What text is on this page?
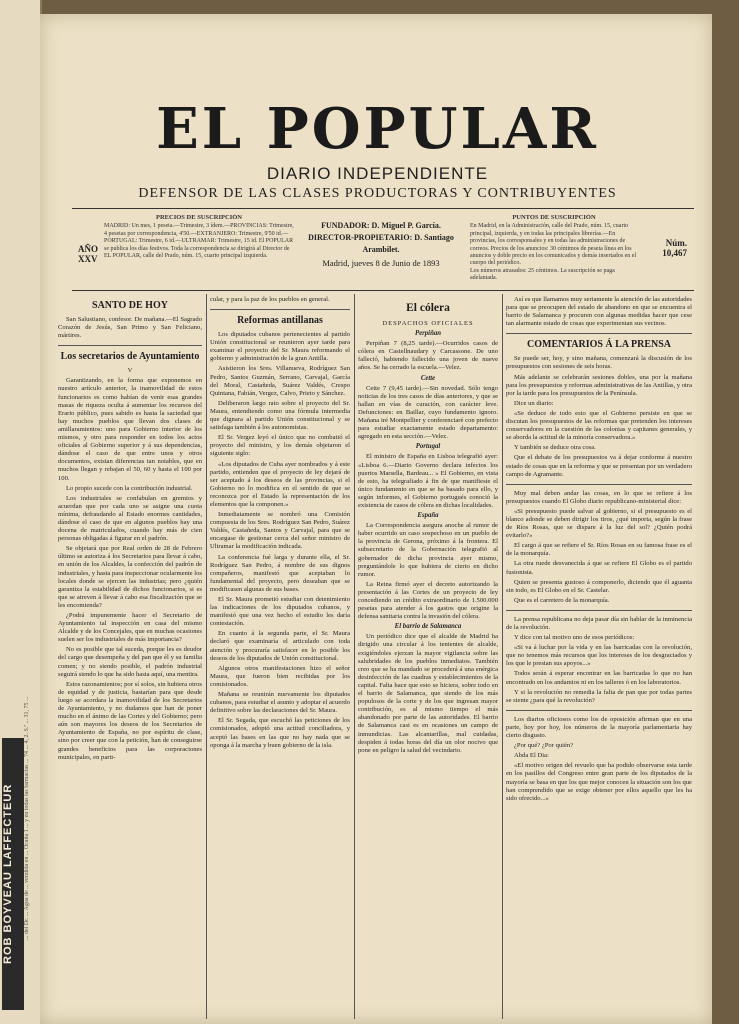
ROB BOYVEAU LAFFECTEUR	... del Dr. ... Agua de ... vendida en ... Ocaña 1 ... y en todas las farmacias ... 74 ... 4, 2. S.ª ... 31, 75 ...
EL POPULAR
DIARIO INDEPENDIENTE
DEFENSOR DE LAS CLASES PRODUCTORAS Y CONTRIBUYENTES
AÑO XXV
PRECIOS DE SUSCRIPCIÓN
MADRID: Un mes, 1 peseta.—Trimestre, 3 ídem.—PROVINCIAS: Trimestre, 4 pesetas por correspondencia, 4'50.—EXTRANJERO: Trimestre, 9'50 id.—PORTUGAL: Trimestre, 6 id.—ULTRAMAR: Trimestre, 15 id. El POPULAR se publica los días festivos. Toda la correspondencia se dirigirá al Director de EL POPULAR, calle del Prado, núm. 15, cuarto principal izquierda.
FUNDADOR: D. Miguel P. García.
DIRECTOR-PROPIETARIO: D. Santiago Arambilet.
Madrid, jueves 8 de Junio de 1893
PUNTOS DE SUSCRIPCIÓN
En Madrid, en la Administración, calle del Prado, núm. 15, cuarto principal, izquierda, y en todas las principales librerías.—En provincias, los corresponsales y en todas las administraciones de correos. Precios de los anuncios: 30 céntimos de peseta línea en los anuncios y doble precio en los comunicados y demás insertados en el cuerpo del periódico.
Los números atrasados: 25 céntimos. La suscripción se paga adelantada.
Núm. 10,467
SANTO DE HOY

San Salustiano, confesor. De mañana.—El Sagrado Corazón de Jesús, San Primo y San Feliciano, mártires.

Los secretarios de Ayuntamiento
V

Garantizando, en la forma que exponemos en nuestro artículo anterior, la inamovilidad de estos funcionarios es como habían de venir esas grandes masas de riqueza oculta á aumentar los recursos del Erario público, pues sabido es hasta la saciedad que hay muchos pueblos que llevan dos clases de amillaramientos: uno para Gobierno interior de los mismos, y otro para responder en todos los actos oficiales al Gobierno superior y á sus dependencias, dándose el caso de que entre unos y otros documentos, existan diferencias tan notables, que en muchos llegan y rebajan el 50, 60 y hasta el 100 por 100.

Lo propio sucede con la contribución industrial.

Los industriales se confabulan en gremios y acuerdan que por cada uno se asigne una cuota mínima, defraudando al Estado enormes cantidades, dándose el caso de que en algunos pueblos hay una docena de matriculados, cuando hay más de cien personas obligadas á figurar en el padrón.

Se objetará que por Real orden de 28 de Febrero último se autoriza á los Secretarios para llevar á cabo, en unión de los Alcaldes, la confección del padrón de industriales, y hasta para inspeccionar ocularmente los locales donde se ejercen las industrias; pero ¿quién garantiza la estabilidad de dichos funcionarios, si es que se atreven á llevar á cabo esa fiscalización que se les encomienda?

¿Podrá impunemente hacer el Secretario de Ayuntamiento tal inspección en casa del mismo Alcalde y de los Concejales, que en muchas ocasiones suelen ser los industriales de más importancia?

No es posible que tal suceda, porque les es deudor del cargo que desempeña y del pan que él y su familia comen; y no siendo posible, el padrón industrial seguirá siendo lo que ha sido hasta aquí, una mentira.

Estos razonamientos; por sí solos, sin hubiera otros de equidad y de justicia, bastarían para que desde luego se acordara la inamovilidad de los Secretarios de Ayuntamiento, y no dudamos que han de poner mucho en el ánimo de las Cortes y del Gobierno; pero aún son mayores los deseos de los Secretarios de Ayuntamiento de España, no por espíritu de clase, sino por creer que con la petición, han de conseguirse grandes beneficios para las corporaciones municipales, en parti-

cular, y para la paz de los pueblos en general.

Reformas antillanas

Los diputados cubanos pertenecientes al partido Unión constitucional se reunieron ayer tarde para examinar el proyecto del Sr. Maura reformando el gobierno y administración de la gran Antilla.

Asistieron los Sres. Villanueva, Rodríguez San Pedro, Santos Guzmán, Serrano, Carvajal, García del Moral, Castañeda, Suárez Valdés, Crespo Quintana, Fabián, Vergez, Calvo, Prieto y Sánchez.

Deliberaron largo rato sobre el proyecto del Sr. Maura, entendiendo como una fórmula intermedia que dignara al partido Unión constitucional y se satisfaga también á los autonomistas.

El Sr. Vergez leyó el único que no combatió el proyecto del ministro, y los demás objetaron el siguiente siglo:

«Los diputados de Cuba ayer nombrados y á este partido, entienden que el proyecto de ley dejará de ser aceptado á los deseos de las provincias, si el Gobierno no lo modifica en el sentido de que se reconozca por el Estado la representación de los elementos que la componen.»

Inmediatamente se nombró una Comisión compuesta de los Sres. Rodríguez San Pedro, Suárez Valdés, Castañeda, Santos y Carvajal, para que se encargase de gestionar cerca del señor ministro de Ultramar la modificación indicada.

La conferencia fué larga y durante ella, el Sr. Rodríguez San Pedro, á nombre de sus dignos compañeros, manifestó que aceptaban lo fundamental del proyecto, pero deseaban que se modificasen algunas de sus bases.

El Sr. Maura prometió estudiar con detenimiento las indicaciones de los diputados cubanos, y manifestó que una vez hecho el estudio les daría contestación.

En cuanto á la segunda parte, el Sr. Maura declaró que examinaría el articulado con toda atención y procuraría satisfacer en lo posible los deseos de los diputados de Unión constitucional.

Algunos otros manifestaciones hizo el señor Maura, que fueron bien recibidas por los comisionados.

Mañana se reunirán nuevamente los diputados cubanos, para estudiar el asunto y adoptar el acuerdo definitivo sobre las declaraciones del Sr. Maura.

El Sr. Segada, que escuchó las peticiones de los comisionados, adoptó una actitud conciliadora, y aceptó las bases en las que no hay nada que se oponga á la marcha y buen gobierno de la isla.

El cólera
DESPACHOS OFICIALES
Perpiñan

Perpiñan 7 (8,25 tarde).—Ocurridos casos de cólera en Castellnaudary y Carcassone. De uno falleció, habiendo fallecido una joven de nueve años. Se ha cerrado la escuela.—Velez.

Cette

Cette 7 (9,45 tarde).—Sin novedad. Sólo tengo noticias de los tres casos de días anteriores, y que se hallan en vías de curación, con carácter leve. Defunciones: en Baillar, cuyo fundamento ignoro. Mañana iré Montpellier y conferenciaré con prefecto para estudiar exactamente estado departamento: agregado en esta sección.—Velez.

Portugal

El ministro de España en Lisboa telegrafió ayer: «Lisboa 6.—Diario Governo declara infectos los puertos Marsella, Bardeau... » El Gobierno, en vista de esto, ha telegrafiado á fin de que manifieste el único fundamento en que se ha basado para ello, y según informes, el Gobierno portugués conoció la existencia de casos de cólera en dichas localidades.

España

La Correspondencia asegura anoche al rumor de haber ocurrido un caso sospechoso en un pueblo de la provincia de Gerona, próximo á la frontera. El subsecretario de la Gobernación telegrafió al gobernador de dicha provincia ayer mismo, preguntándole lo que hubiera de cierto en dicho rumor.

La Reina firmó ayer el decreto autorizando la presentación á las Cortes de un proyecto de ley concediendo un crédito extraordinario de 1.500.000 pesetas para atender á los gastos que origine la defensa sanitaria contra la invasión del cólera.

El barrio de Salamanca

Un periódico dice que el alcalde de Madrid ha dirigido una circular á los tenientes de alcalde, exigiéndoles ejerzan la mayor vigilancia sobre las salubridades de los pueblos inmediatos. También creo que se ha mandado se procederá á una enérgica desinfección de las cuadras y establecimientos de la capital. Falta hace que esto se hiciera, sobre todo en el barrio de Salamanca, que siendo de los más populosos de la corte y de los que ingresan mayor contribución, es al mismo tiempo el más abandonado por parte de las autoridades. El barrio de Salamanca casi es en ocasiones un campo de inmundicias. Las alcantarillas, mal cuidadas, despiden á todas horas del día un olor nocivo que pone en peligro la salud del vecindario.

Así es que llamamos muy seriamente la atención de las autoridades para que se preocupen del estado de abandono en que se encuentra el barrio de Salamanca y procuren con algunas medidas hacer que cese tan alarmante estado de cosas que experimentan sus vecinos.

COMENTARIOS Á LA PRENSA

Se puede ser, hoy, y sino mañana, comenzará la discusión de los presupuestos con sesiones de seis horas.

Más adelante se celebrarán sesiones dobles, una por la mañana para los presupuestos y reformas administrativas de las Antillas, y otra por la tarde para los presupuestos de la Península.

Dice un diario:

«Se deduce de todo esto que el Gobierno persiste en que se discutan los presupuestos de las reformas que pretenden los intereses conservadores en la cuestión de las colonias y capitanes generales, y se aborda la actitud de la minoría conservadora.»

Y también se deduce otra cosa.

Que el debate de los presupuestos va á dejar conforme á nuestro estado de cosas que en la reforma y que se presentan por un verdadero campo de Agramante.

Muy mal deben andar las cosas, en lo que se refiere á los presupuestos cuando El Globo diario republicano-ministerial dice:

«Si presupuesto puede salvar al gobierno, si el presupuesto es el blanco adonde se deben dirigir los tiros, ¿qué importa, según la frase de Ríos Rosas, que se dispare á la luz del sol? ¿Quién podrá evitarlo?»

El cargo á que se refiere el Sr. Ríos Rosas en su famosa frase es el de la monarquía.

La otra ruede desvanecida á que se refiere El Globo es el partido fusionista.

Quien se presenta gustoso á componerlo, diciendo que él aguanta sin todo, es El Globo en el Sr. Castelar.

Que es el carretero de la monarquía.

La prensa republicana no deja pasar día sin hablar de la inminencia de la revolución.

Y dice con tal motivo uno de esos periódicos:

«Si va á luchar por la vida y en las barricadas con la revolución, que no tenemos más recursos que los intereses de los desgraciados y los que le prestan sus apoyos...»

Todos serán á esperar encontrar en las barricadas lo que no han encontrado en los andamios ni en los talleres ó en los laboratorios.

Y si la revolución no remedia la falta de pan que por todas partes se siente ¿para qué la revolución?

Los diarios oficiosos como los de oposición afirman que en una parte, hoy por hoy, los números de la mayoría parlamentaria hay cierto disgusto.

¿Por qué? ¿Por quién?

Abda El Dia:

«El motivo origen del revuelo que ha podido observarse esta tarde en los pasillos del Congreso entre gran parte de los diputados de la mayoría se basa en que los que mejor conocen la situación son los que han comprendido que se exige obtener por ellos aquello que les ha sido ofrecido...»
